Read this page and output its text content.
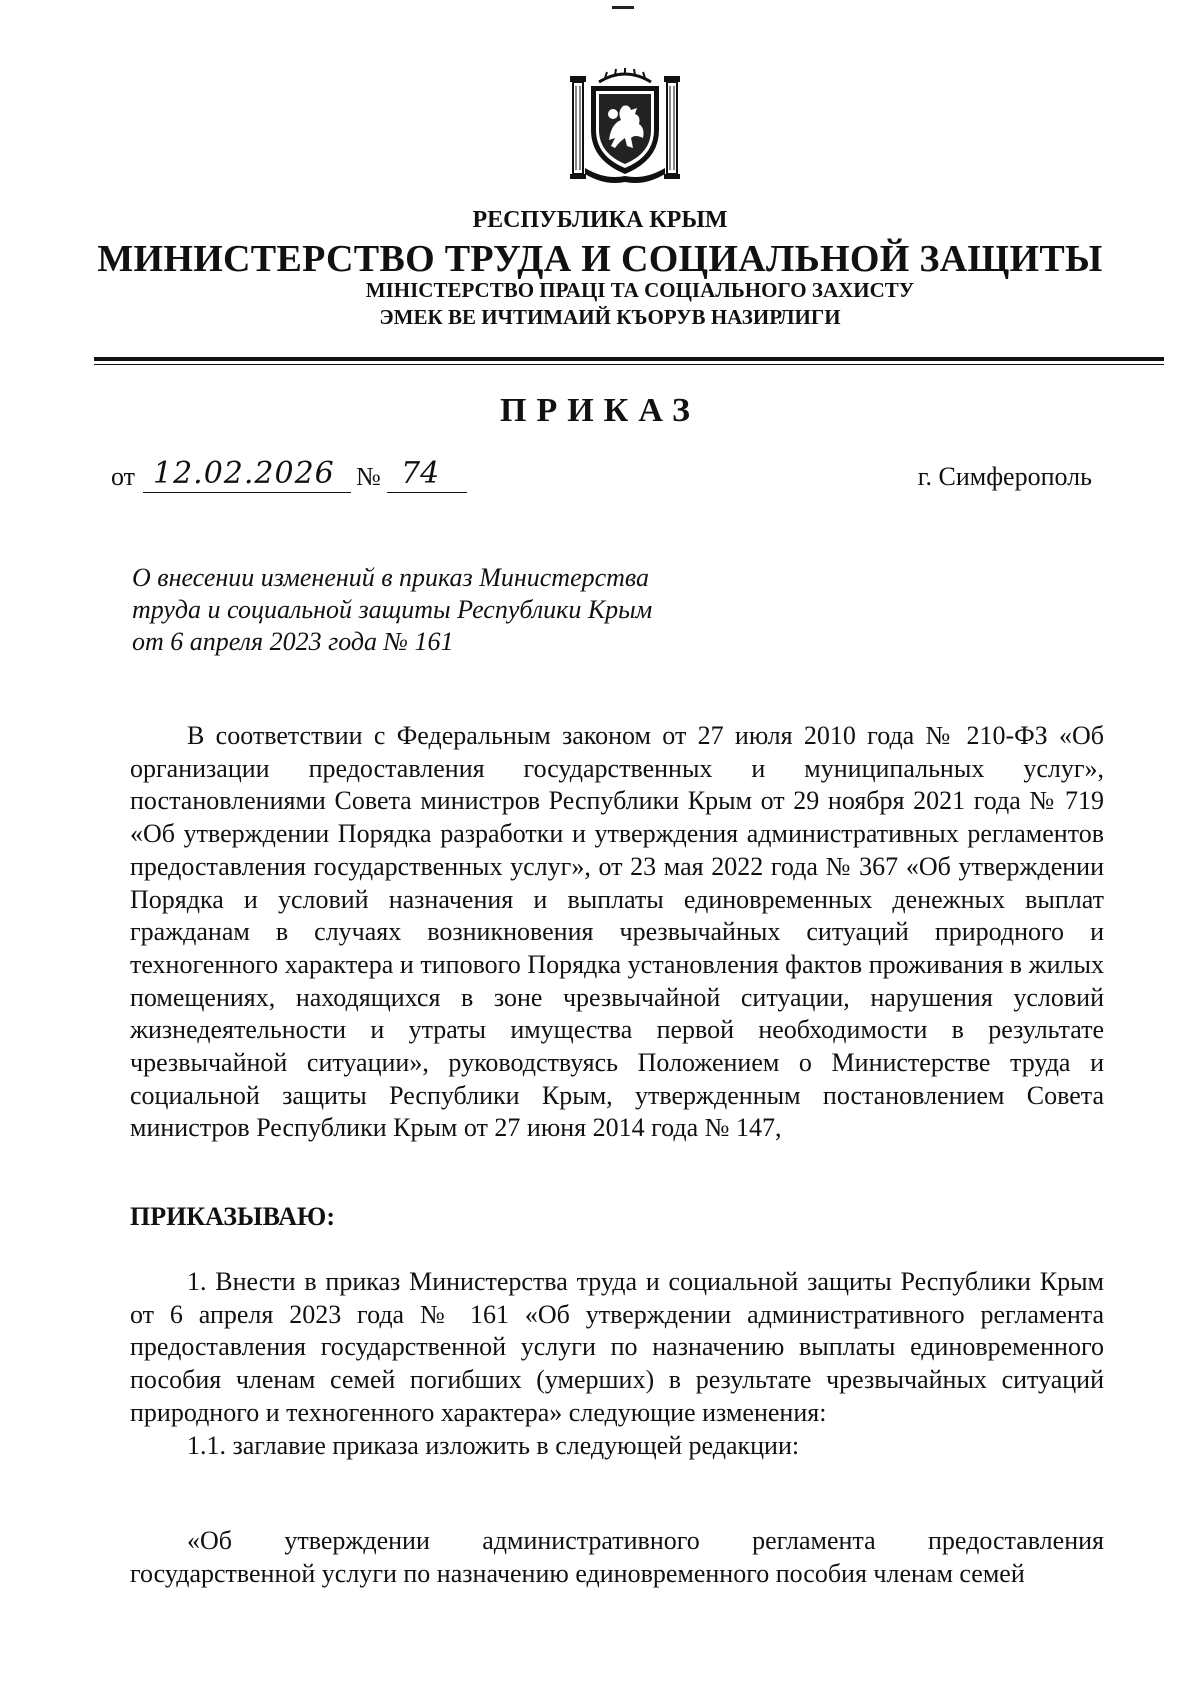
РЕСПУБЛИКА КРЫМ
МИНИСТЕРСТВО ТРУДА И СОЦИАЛЬНОЙ ЗАЩИТЫ
МІНІСТЕРСТВО ПРАЦІ ТА СОЦІАЛЬНОГО ЗАХИСТУ
ЭМЕК ВЕ ИЧТИМАИЙ КЪОРУВ НАЗИРЛИГИ
ПРИКАЗ
от 12.02.2026 № 74	г. Симферополь
О внесении изменений в приказ Министерства
труда и социальной защиты Республики Крым
от 6 апреля 2023 года № 161
В соответствии с Федеральным законом от 27 июля 2010 года № 210-ФЗ «Об организации предоставления государственных и муниципальных услуг», постановлениями Совета министров Республики Крым от 29 ноября 2021 года № 719 «Об утверждении Порядка разработки и утверждения административных регламентов предоставления государственных услуг», от 23 мая 2022 года № 367 «Об утверждении Порядка и условий назначения и выплаты единовременных денежных выплат гражданам в случаях возникновения чрезвычайных ситуаций природного и техногенного характера и типового Порядка установления фактов проживания в жилых помещениях, находящихся в зоне чрезвычайной ситуации, нарушения условий жизнедеятельности и утраты имущества первой необходимости в результате чрезвычайной ситуации», руководствуясь Положением о Министерстве труда и социальной защиты Республики Крым, утвержденным постановлением Совета министров Республики Крым от 27 июня 2014 года № 147,
ПРИКАЗЫВАЮ:
1. Внести в приказ Министерства труда и социальной защиты Республики Крым от 6 апреля 2023 года № 161 «Об утверждении административного регламента предоставления государственной услуги по назначению выплаты единовременного пособия членам семей погибших (умерших) в результате чрезвычайных ситуаций природного и техногенного характера» следующие изменения:
1.1. заглавие приказа изложить в следующей редакции:
«Об утверждении административного регламента предоставления государственной услуги по назначению единовременного пособия членам семей
